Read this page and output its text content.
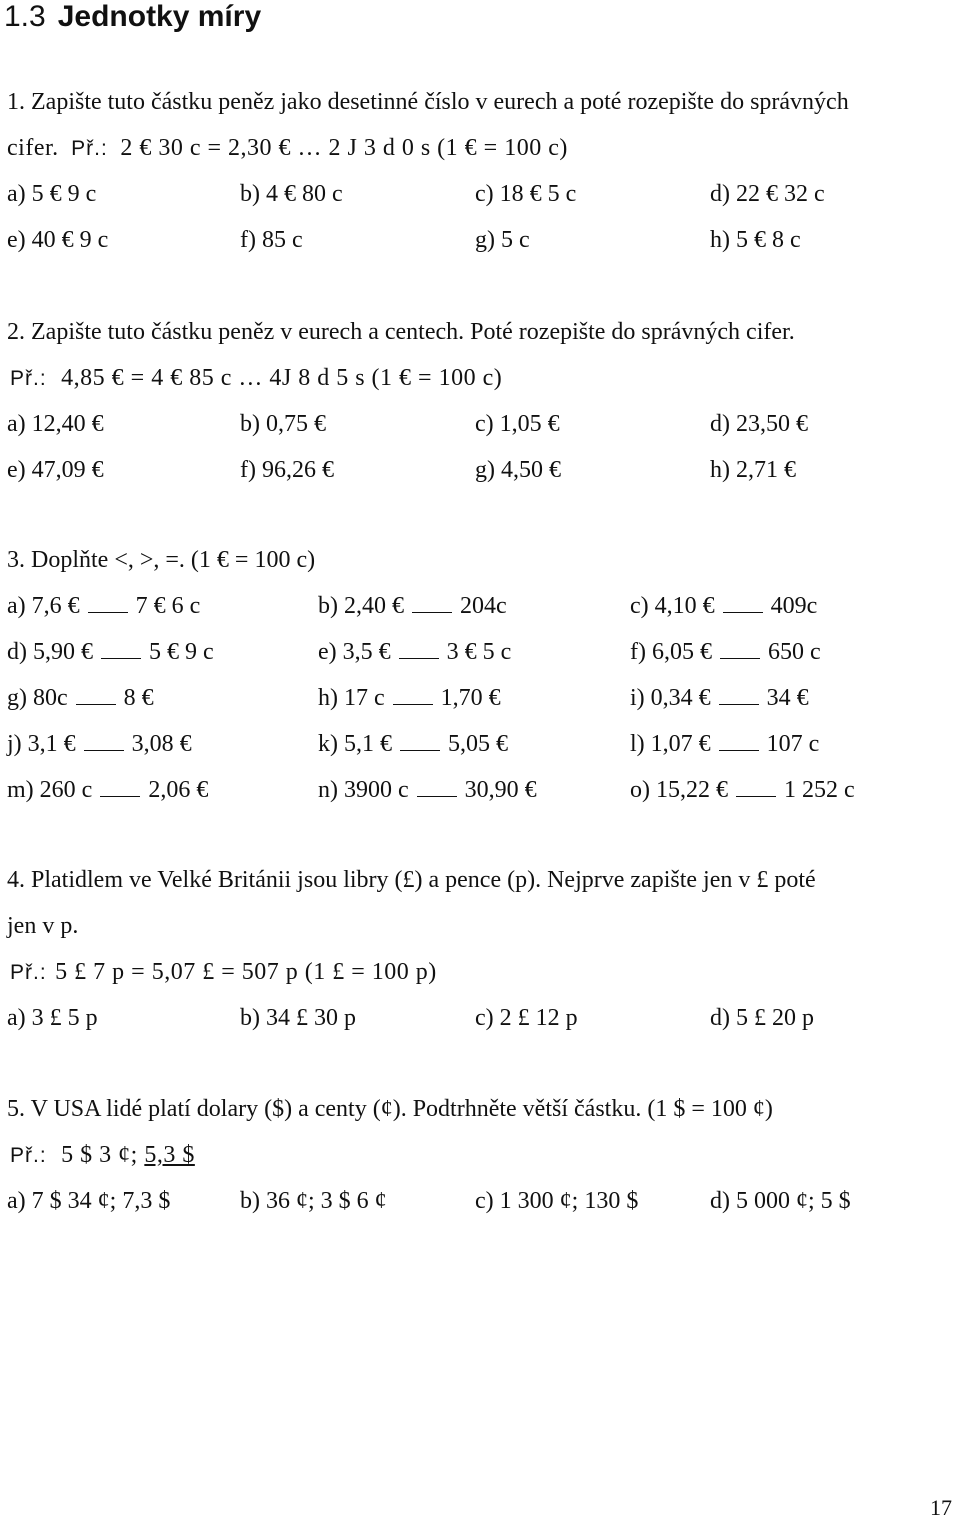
1.3 Jednotky míry
1. Zapište tuto částku peněz jako desetinné číslo v eurech a poté rozepište do správných
cifer. Př.: 2 € 30 c = 2,30 € … 2 J 3 d 0 s (1 € = 100 c)
a) 5 € 9 c	b) 4 € 80 c	c) 18 € 5 c	d) 22 € 32 c
e) 40 € 9 c	f) 85 c	g) 5 c	h) 5 € 8 c
2. Zapište tuto částku peněz v eurech a centech. Poté rozepište do správných cifer.
Př.: 4,85 € = 4 € 85 c … 4J 8 d 5 s (1 € = 100 c)
a) 12,40 €	b) 0,75 €	c) 1,05 €	d) 23,50 €
e) 47,09 €	f) 96,26 €	g) 4,50 €	h) 2,71 €
3. Doplňte <, >, =. (1 € = 100 c)
a) 7,6 € 7 € 6 c	b) 2,40 € 204c	c) 4,10 € 409c
d) 5,90 € 5 € 9 c	e) 3,5 € 3 € 5 c	f) 6,05 € 650 c
g) 80c 8 €	h) 17 c 1,70 €	i) 0,34 € 34 €
j) 3,1 € 3,08 €	k) 5,1 € 5,05 €	l) 1,07 € 107 c
m) 260 c 2,06 €	n) 3900 c 30,90 €	o) 15,22 € 1 252 c
4. Platidlem ve Velké Británii jsou libry (£) a pence (p). Nejprve zapište jen v £ poté
jen v p.
Př.: 5 £ 7 p = 5,07 £ = 507 p (1 £ = 100 p)
a) 3 £ 5 p	b) 34 £ 30 p	c) 2 £ 12 p	d) 5 £ 20 p
5. V USA lidé platí dolary ($) a centy (¢). Podtrhněte větší částku. (1 $ = 100 ¢)
Př.: 5 $ 3 ¢; 5,3 $
a) 7 $ 34 ¢; 7,3 $	b) 36 ¢; 3 $ 6 ¢	c) 1 300 ¢; 130 $	d) 5 000 ¢; 5 $
17
